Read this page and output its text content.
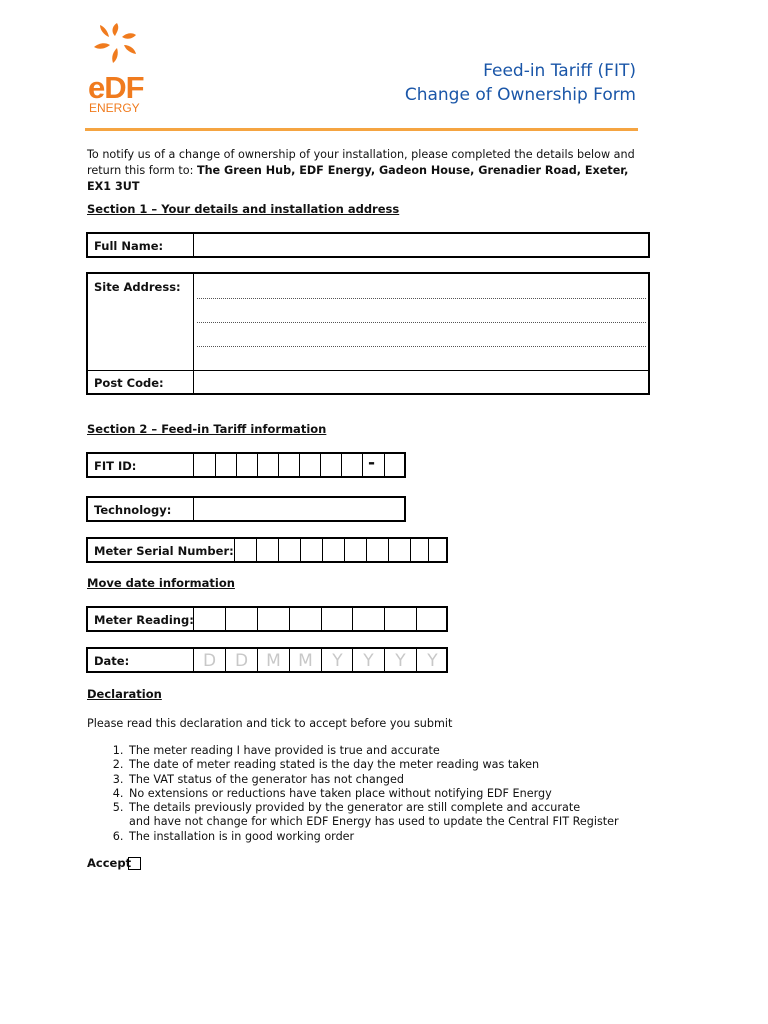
eDF
ENERGY
Feed-in Tariff (FIT)
Change of Ownership Form
To notify us of a change of ownership of your installation, please completed the details below and return this form to: The Green Hub, EDF Energy, Gadeon House, Grenadier Road, Exeter, EX1 3UT
Section 1 – Your details and installation address
Full Name:
Site Address:
Post Code:
Section 2 – Feed-in Tariff information
FIT ID:	-
Technology:
Meter Serial Number:
Move date information
Meter Reading:
Date:	D	D	M	M	Y	Y	Y	Y
Declaration
Please read this declaration and tick to accept before you submit
1. The meter reading I have provided is true and accurate
2. The date of meter reading stated is the day the meter reading was taken
3. The VAT status of the generator has not changed
4. No extensions or reductions have taken place without notifying EDF Energy
5. The details previously provided by the generator are still complete and accurate
and have not change for which EDF Energy has used to update the Central FIT Register
6. The installation is in good working order
Accept
